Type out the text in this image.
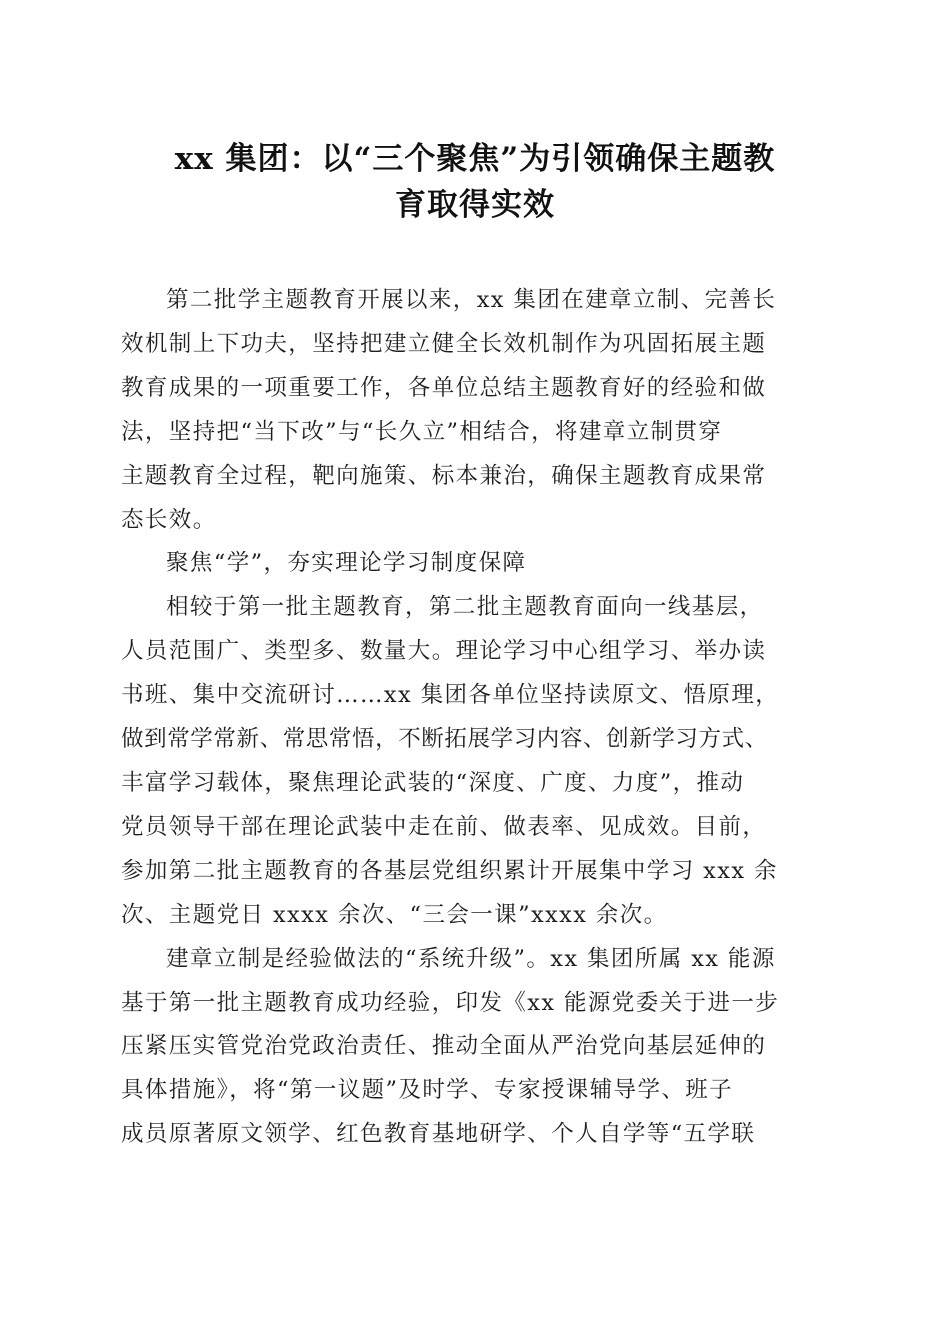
xx 集团：以“三个聚焦”为引领确保主题教
育取得实效

第二批学主题教育开展以来，xx 集团在建章立制、完善长
效机制上下功夫，坚持把建立健全长效机制作为巩固拓展主题
教育成果的一项重要工作，各单位总结主题教育好的经验和做
法，坚持把“当下改”与“长久立”相结合，将建章立制贯穿
主题教育全过程，靶向施策、标本兼治，确保主题教育成果常
态长效。

聚焦“学”，夯实理论学习制度保障

相较于第一批主题教育，第二批主题教育面向一线基层，
人员范围广、类型多、数量大。理论学习中心组学习、举办读
书班、集中交流研讨……xx 集团各单位坚持读原文、悟原理，
做到常学常新、常思常悟，不断拓展学习内容、创新学习方式、
丰富学习载体，聚焦理论武装的“深度、广度、力度”，推动
党员领导干部在理论武装中走在前、做表率、见成效。目前，
参加第二批主题教育的各基层党组织累计开展集中学习 xxx 余
次、主题党日 xxxx 余次、“三会一课”xxxx 余次。

建章立制是经验做法的“系统升级”。xx 集团所属 xx 能源
基于第一批主题教育成功经验，印发《xx 能源党委关于进一步
压紧压实管党治党政治责任、推动全面从严治党向基层延伸的
具体措施》，将“第一议题”及时学、专家授课辅导学、班子
成员原著原文领学、红色教育基地研学、个人自学等“五学联
